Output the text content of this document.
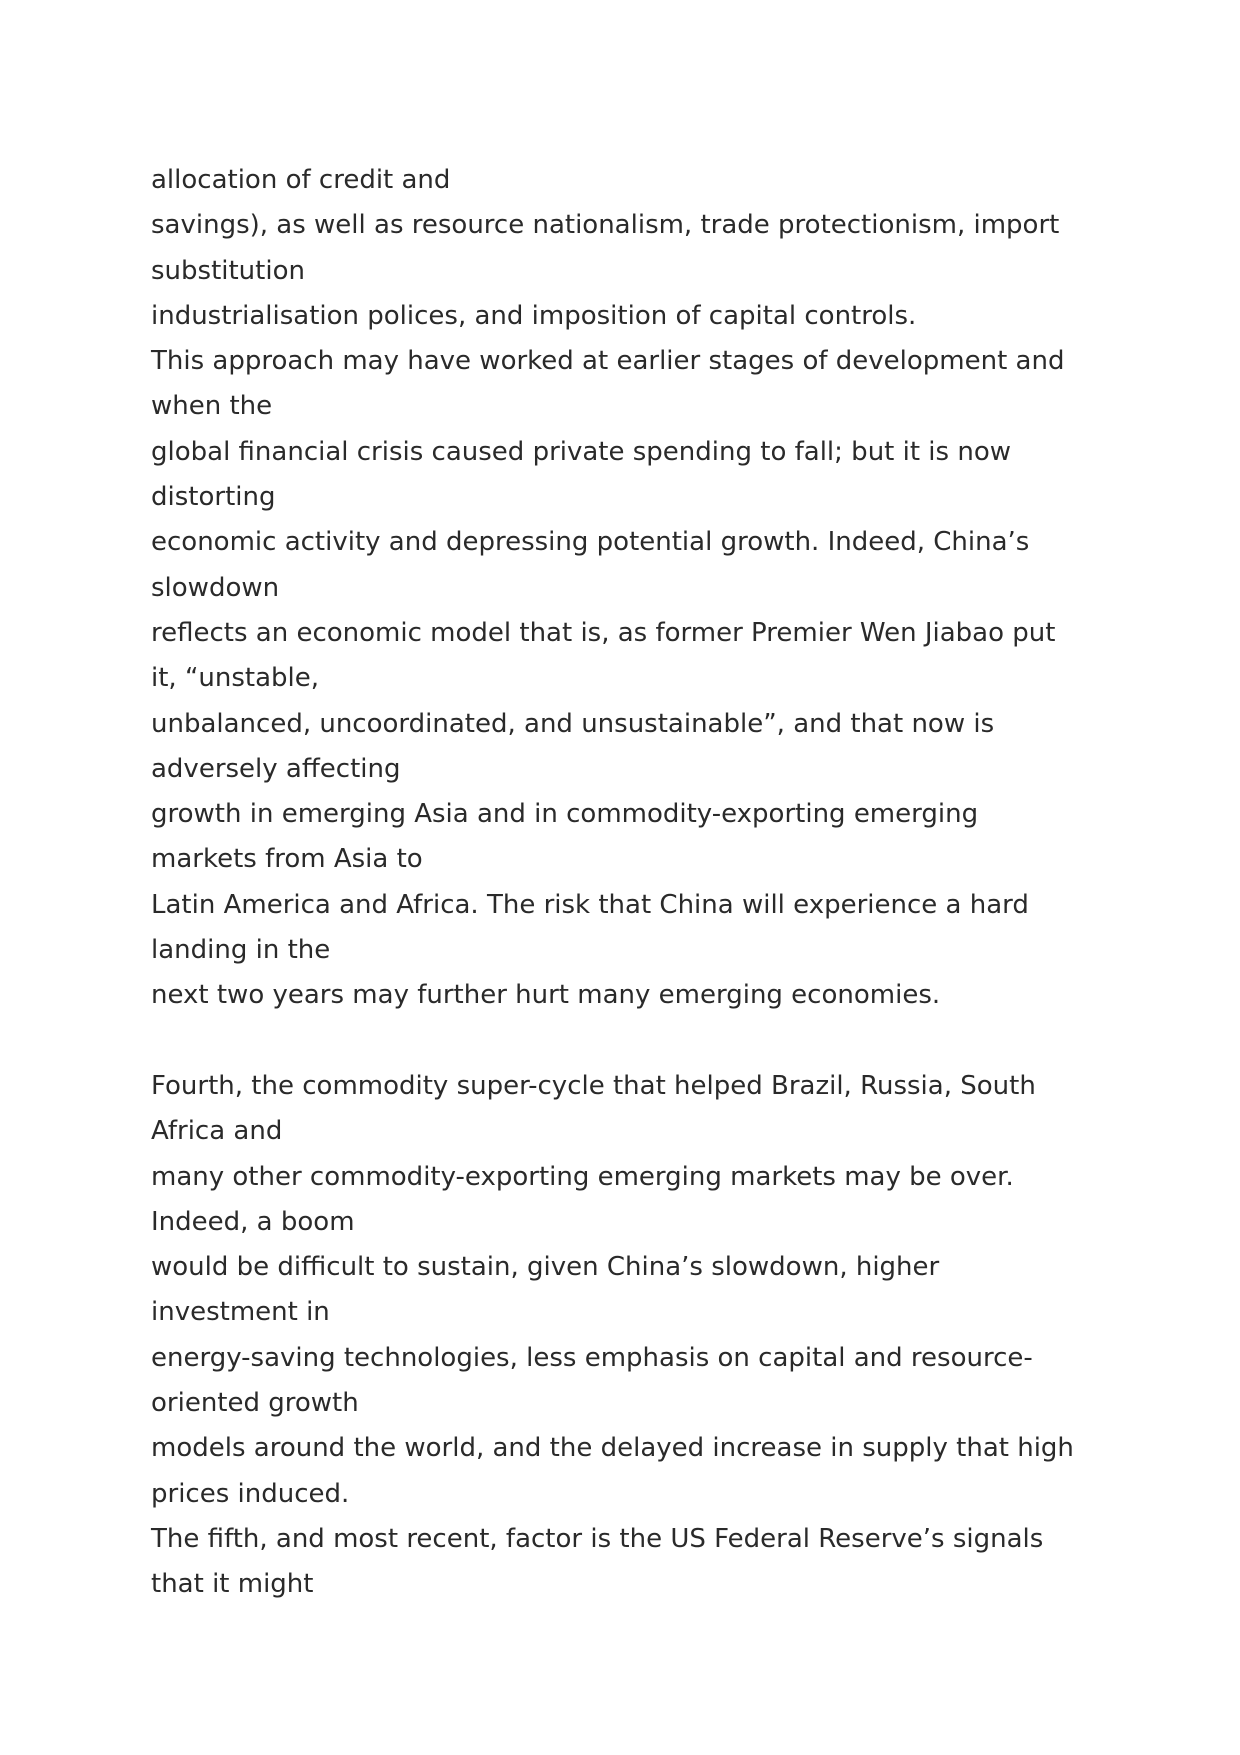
allocation of credit and
savings), as well as resource nationalism, trade protectionism, import
substitution
industrialisation polices, and imposition of capital controls.
This approach may have worked at earlier stages of development and
when the
global financial crisis caused private spending to fall; but it is now
distorting
economic activity and depressing potential growth. Indeed, China’s
slowdown
reflects an economic model that is, as former Premier Wen Jiabao put
it, “unstable,
unbalanced, uncoordinated, and unsustainable”, and that now is
adversely affecting
growth in emerging Asia and in commodity-exporting emerging
markets from Asia to
Latin America and Africa. The risk that China will experience a hard
landing in the
next two years may further hurt many emerging economies.
Fourth, the commodity super-cycle that helped Brazil, Russia, South
Africa and
many other commodity-exporting emerging markets may be over.
Indeed, a boom
would be difficult to sustain, given China’s slowdown, higher
investment in
energy-saving technologies, less emphasis on capital and resource-
oriented growth
models around the world, and the delayed increase in supply that high
prices induced.
The fifth, and most recent, factor is the US Federal Reserve’s signals
that it might
